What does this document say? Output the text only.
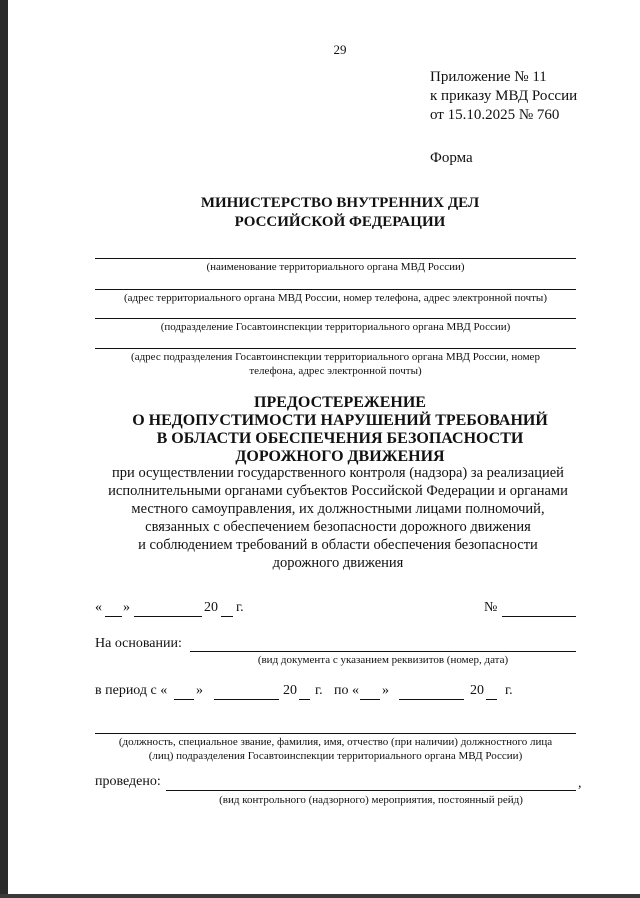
29
Приложение № 11
к приказу МВД России
от 15.10.2025 № 760
Форма
МИНИСТЕРСТВО ВНУТРЕННИХ ДЕЛ
РОССИЙСКОЙ ФЕДЕРАЦИИ
(наименование территориального органа МВД России)
(адрес территориального органа МВД России, номер телефона, адрес электронной почты)
(подразделение Госавтоинспекции территориального органа МВД России)
(адрес подразделения Госавтоинспекции территориального органа МВД России, номер
телефона, адрес электронной почты)
ПРЕДОСТЕРЕЖЕНИЕ
О НЕДОПУСТИМОСТИ НАРУШЕНИЙ ТРЕБОВАНИЙ
В ОБЛАСТИ ОБЕСПЕЧЕНИЯ БЕЗОПАСНОСТИ
ДОРОЖНОГО ДВИЖЕНИЯ
при осуществлении государственного контроля (надзора) за реализацией
исполнительными органами субъектов Российской Федерации и органами
местного самоуправления, их должностными лицами полномочий,
связанных с обеспечением безопасности дорожного движения
и соблюдением требований в области обеспечения безопасности
дорожного движения
« »	20 г.	№
На основании:
(вид документа с указанием реквизитов (номер, дата)
в период с « »	20 г. по « »	20 г.
(должность, специальное звание, фамилия, имя, отчество (при наличии) должностного лица
(лиц) подразделения Госавтоинспекции территориального органа МВД России)
проведено:	,
(вид контрольного (надзорного) мероприятия, постоянный рейд)
